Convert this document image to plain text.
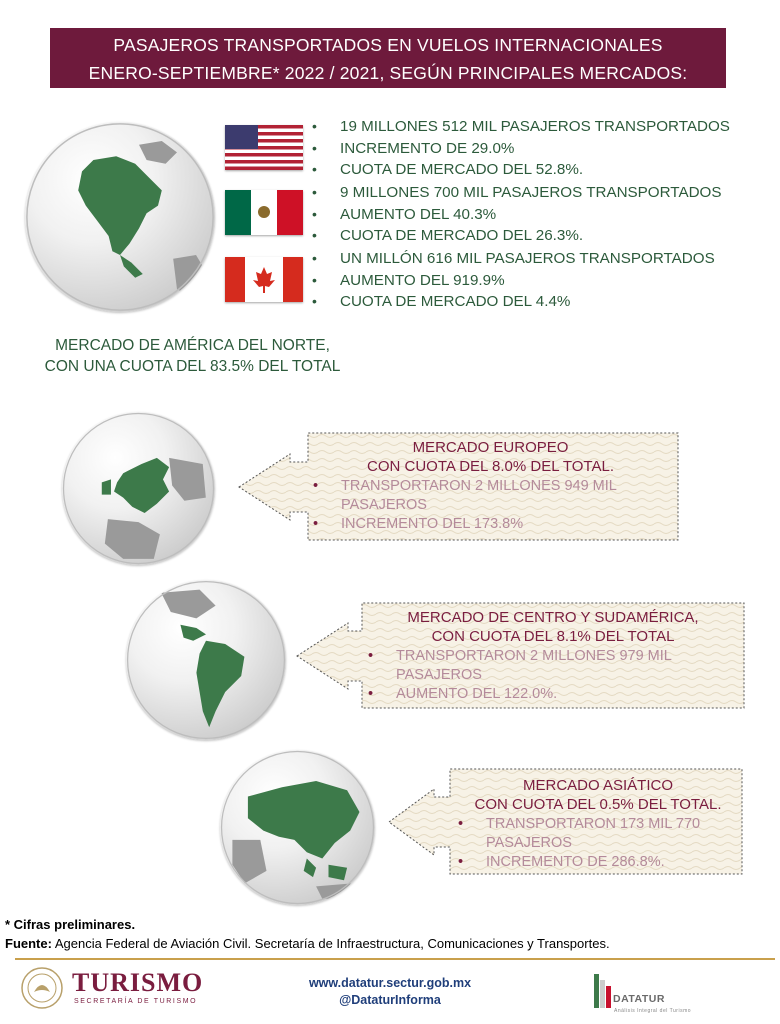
PASAJEROS TRANSPORTADOS EN VUELOS INTERNACIONALES
ENERO-SEPTIEMBRE* 2022 / 2021, SEGÚN PRINCIPALES MERCADOS:
• 19 MILLONES 512 MIL PASAJEROS TRANSPORTADOS
• INCREMENTO DE 29.0%
• CUOTA DE MERCADO DEL 52.8%.
• 9 MILLONES 700 MIL PASAJEROS TRANSPORTADOS
• AUMENTO DEL 40.3%
• CUOTA DE MERCADO DEL 26.3%.
• UN MILLÓN 616 MIL PASAJEROS TRANSPORTADOS
• AUMENTO DEL 919.9%
• CUOTA DE MERCADO DEL 4.4%
MERCADO DE AMÉRICA DEL NORTE,
CON UNA CUOTA DEL 83.5% DEL TOTAL
MERCADO EUROPEO
CON CUOTA DEL 8.0% DEL TOTAL.
• TRANSPORTARON 2 MILLONES 949 MIL PASAJEROS
• INCREMENTO DEL 173.8%
MERCADO DE CENTRO Y SUDAMÉRICA,
CON CUOTA DEL 8.1% DEL TOTAL
• TRANSPORTARON 2 MILLONES 979 MIL PASAJEROS
• AUMENTO DEL 122.0%.
MERCADO ASIÁTICO
CON CUOTA DEL 0.5% DEL TOTAL.
• TRANSPORTARON 173 MIL 770 PASAJEROS
• INCREMENTO DE 286.8%.
* Cifras preliminares.
Fuente: Agencia Federal de Aviación Civil. Secretaría de Infraestructura, Comunicaciones y Transportes.
TURISMO
SECRETARÍA DE TURISMO
www.datatur.sectur.gob.mx
@DataturInforma	DATATUR
Análisis Integral del Turismo
